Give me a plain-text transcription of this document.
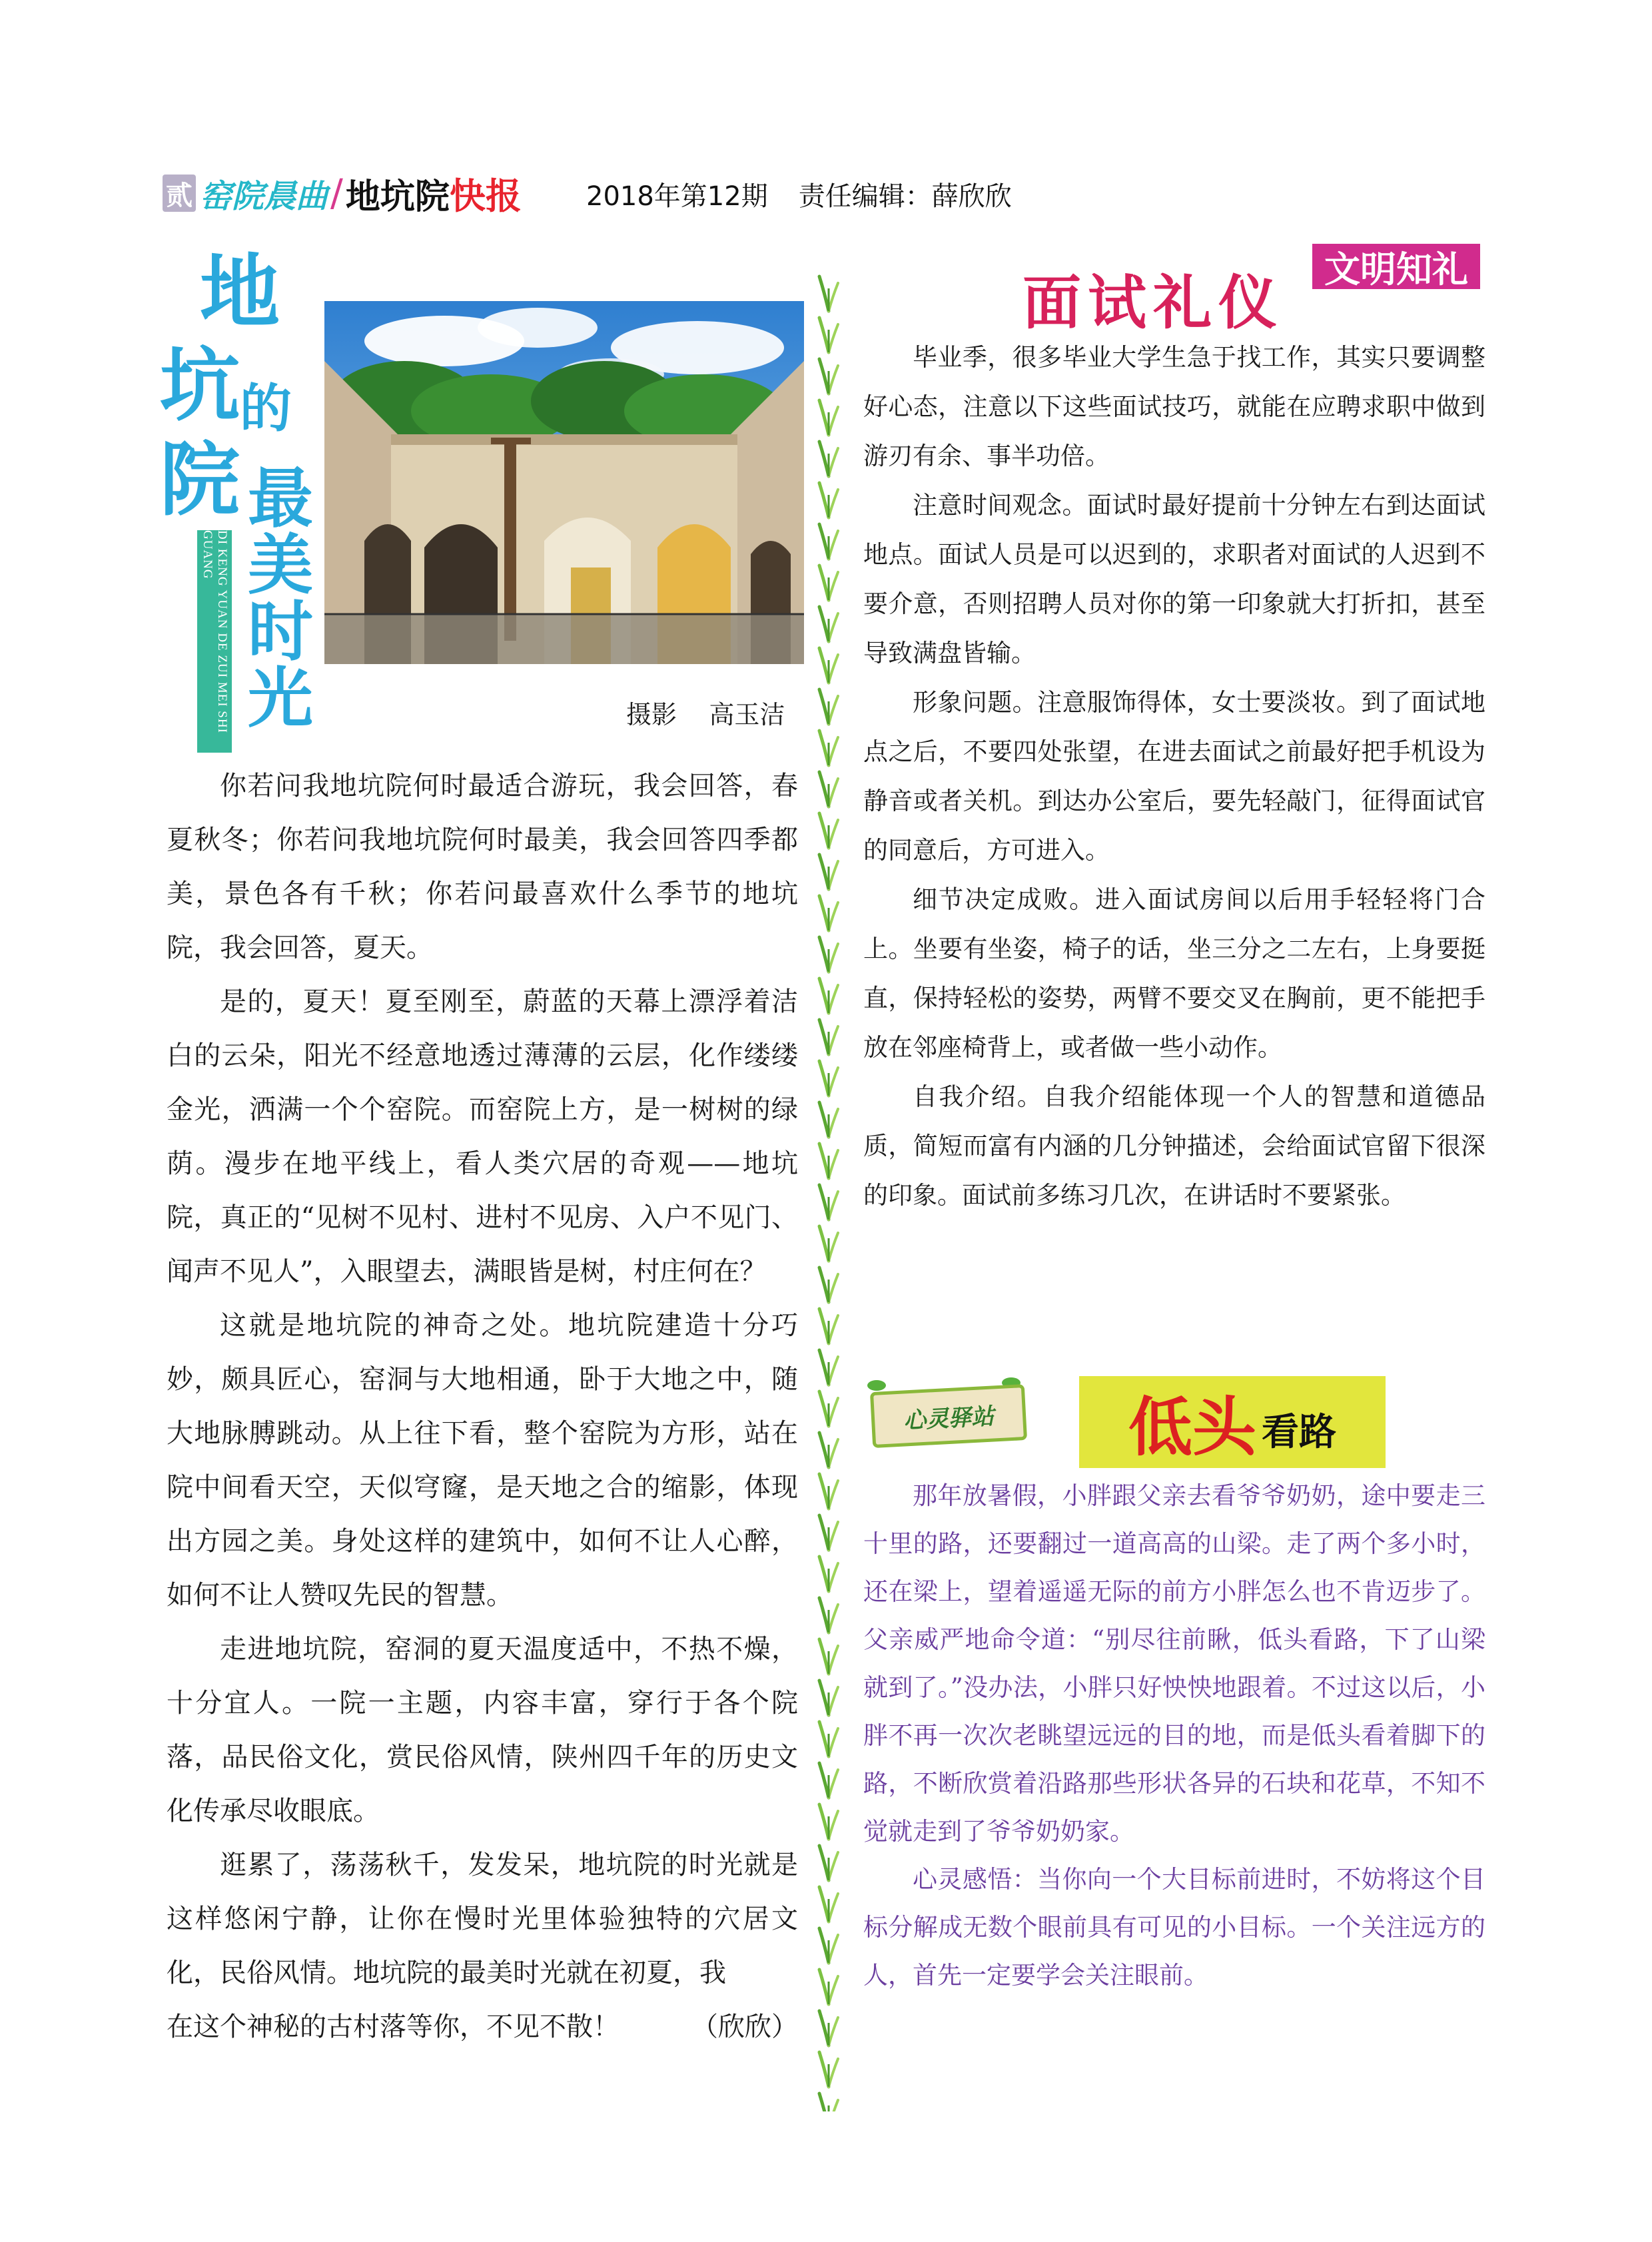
贰 窑院晨曲 / 地坑院 快报 2018年第12期 责任编辑：薛欣欣
地
坑 的
院 最
美
时
光
DI KENG YUAN DE ZUI MEI SHI GUANG
摄影    高玉洁

你若问我地坑院何时最适合游玩，我会回答，春夏秋冬；你若问我地坑院何时最美，我会回答四季都美，景色各有千秋；你若问最喜欢什么季节的地坑院，我会回答，夏天。

是的，夏天！夏至刚至，蔚蓝的天幕上漂浮着洁白的云朵，阳光不经意地透过薄薄的云层，化作缕缕金光，洒满一个个窑院。而窑院上方，是一树树的绿荫。漫步在地平线上，看人类穴居的奇观——地坑院，真正的“见树不见村、进村不见房、入户不见门、闻声不见人”，入眼望去，满眼皆是树，村庄何在？

这就是地坑院的神奇之处。地坑院建造十分巧妙，颇具匠心，窑洞与大地相通，卧于大地之中，随大地脉膊跳动。从上往下看，整个窑院为方形，站在院中间看天空，天似穹窿，是天地之合的缩影，体现出方园之美。身处这样的建筑中，如何不让人心醉，如何不让人赞叹先民的智慧。

走进地坑院，窑洞的夏天温度适中，不热不燥，十分宜人。一院一主题，内容丰富，穿行于各个院落，品民俗文化，赏民俗风情，陕州四千年的历史文化传承尽收眼底。

逛累了，荡荡秋千，发发呆，地坑院的时光就是这样悠闲宁静，让你在慢时光里体验独特的穴居文化，民俗风情。地坑院的最美时光就在初夏，我

在这个神秘的古村落等你，不见不散！	（欣欣）
面试礼仪	文明知礼

毕业季，很多毕业大学生急于找工作，其实只要调整好心态，注意以下这些面试技巧，就能在应聘求职中做到游刃有余、事半功倍。

注意时间观念。面试时最好提前十分钟左右到达面试地点。面试人员是可以迟到的，求职者对面试的人迟到不要介意，否则招聘人员对你的第一印象就大打折扣，甚至导致满盘皆输。

形象问题。注意服饰得体，女士要淡妆。到了面试地点之后，不要四处张望，在进去面试之前最好把手机设为静音或者关机。到达办公室后，要先轻敲门，征得面试官的同意后，方可进入。

细节决定成败。进入面试房间以后用手轻轻将门合上。坐要有坐姿，椅子的话，坐三分之二左右，上身要挺直，保持轻松的姿势，两臂不要交叉在胸前，更不能把手放在邻座椅背上，或者做一些小动作。

自我介绍。自我介绍能体现一个人的智慧和道德品质，简短而富有内涵的几分钟描述，会给面试官留下很深的印象。面试前多练习几次，在讲话时不要紧张。

心灵驿站	低头 看路

那年放暑假，小胖跟父亲去看爷爷奶奶，途中要走三十里的路，还要翻过一道高高的山梁。走了两个多小时，还在梁上，望着遥遥无际的前方小胖怎么也不肯迈步了。父亲威严地命令道：“别尽往前瞅，低头看路，下了山梁就到了。”没办法，小胖只好怏怏地跟着。不过这以后，小胖不再一次次老眺望远远的目的地，而是低头看着脚下的路，不断欣赏着沿路那些形状各异的石块和花草，不知不觉就走到了爷爷奶奶家。

心灵感悟：当你向一个大目标前进时，不妨将这个目标分解成无数个眼前具有可见的小目标。一个关注远方的人，首先一定要学会关注眼前。
